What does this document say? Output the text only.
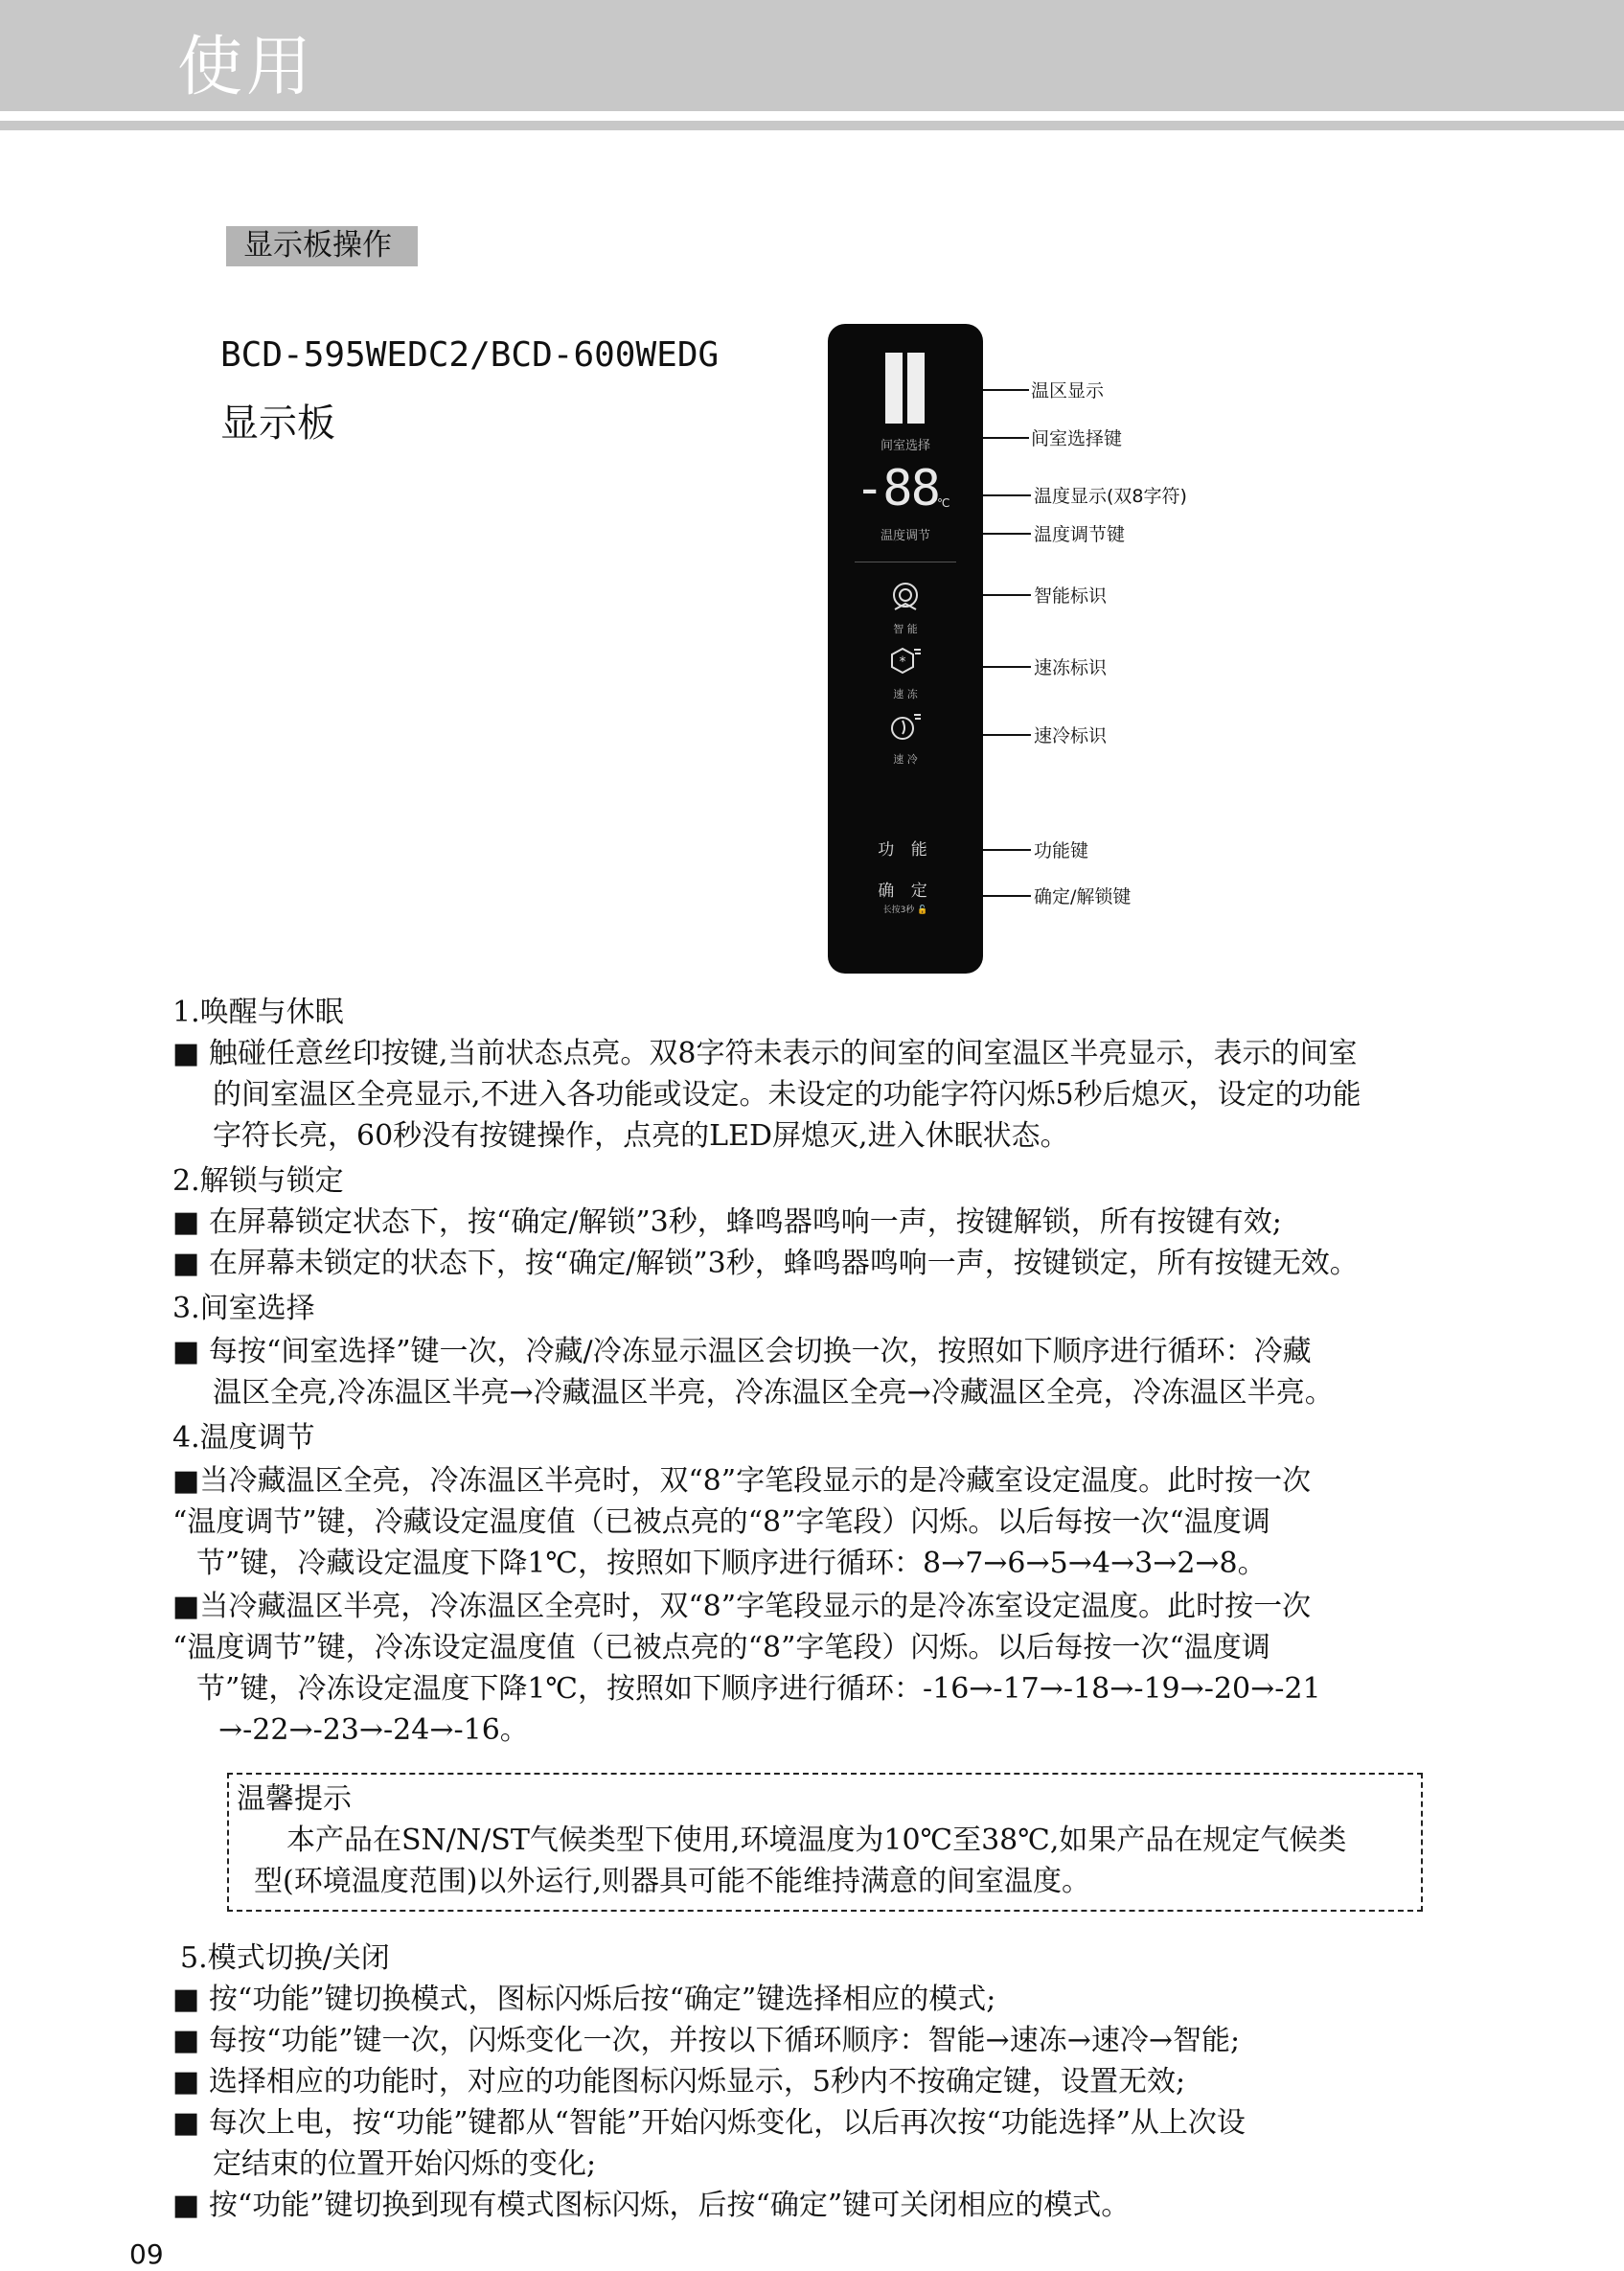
使用
显示板操作
BCD-595WEDC2/BCD-600WEDG
显示板
间室选择
-88
℃
温度调节
智 能
*
速 冻
速 冷
功 能
确 定
长按3秒 🔓
温区显示
间室选择键
温度显示(双8字符)
温度调节键
智能标识
速冻标识
速冷标识
功能键
确定/解锁键

1.唤醒与休眠

■ 触碰任意丝印按键,当前状态点亮。双8字符未表示的间室的间室温区半亮显示，表示的间室

的间室温区全亮显示,不进入各功能或设定。未设定的功能字符闪烁5秒后熄灭，设定的功能

字符长亮，60秒没有按键操作，点亮的LED屏熄灭,进入休眠状态。

2.解锁与锁定

■ 在屏幕锁定状态下，按“确定/解锁”3秒，蜂鸣器鸣响一声，按键解锁，所有按键有效;

■ 在屏幕未锁定的状态下，按“确定/解锁”3秒，蜂鸣器鸣响一声，按键锁定，所有按键无效。

3.间室选择

■ 每按“间室选择”键一次，冷藏/冷冻显示温区会切换一次，按照如下顺序进行循环：冷藏

温区全亮,冷冻温区半亮→冷藏温区半亮，冷冻温区全亮→冷藏温区全亮，冷冻温区半亮。

4.温度调节

■当冷藏温区全亮，冷冻温区半亮时，双“8”字笔段显示的是冷藏室设定温度。此时按一次

“温度调节”键，冷藏设定温度值（已被点亮的“8”字笔段）闪烁。以后每按一次“温度调

节”键，冷藏设定温度下降1℃，按照如下顺序进行循环：8→7→6→5→4→3→2→8。

■当冷藏温区半亮，冷冻温区全亮时，双“8”字笔段显示的是冷冻室设定温度。此时按一次

“温度调节”键，冷冻设定温度值（已被点亮的“8”字笔段）闪烁。以后每按一次“温度调

节”键，冷冻设定温度下降1℃，按照如下顺序进行循环：-16→-17→-18→-19→-20→-21

→-22→-23→-24→-16。

温馨提示

本产品在SN/N/ST气候类型下使用,环境温度为10℃至38℃,如果产品在规定气候类

型(环境温度范围)以外运行,则器具可能不能维持满意的间室温度。

5.模式切换/关闭

■ 按“功能”键切换模式，图标闪烁后按“确定”键选择相应的模式;

■ 每按“功能”键一次，闪烁变化一次，并按以下循环顺序：智能→速冻→速冷→智能;

■ 选择相应的功能时，对应的功能图标闪烁显示，5秒内不按确定键，设置无效;

■ 每次上电，按“功能”键都从“智能”开始闪烁变化，以后再次按“功能选择”从上次设

定结束的位置开始闪烁的变化;

■ 按“功能”键切换到现有模式图标闪烁，后按“确定”键可关闭相应的模式。

09
